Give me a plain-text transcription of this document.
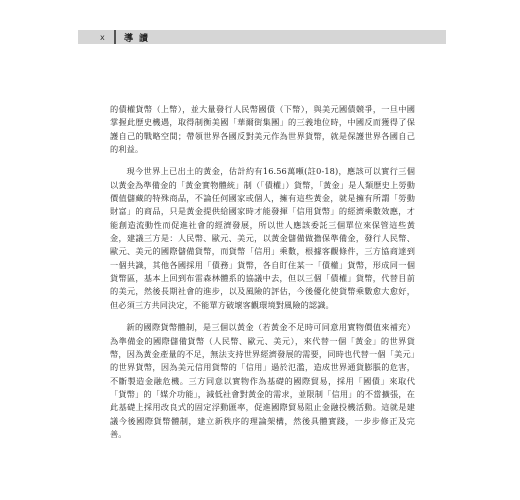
x	導讀

的債權貨幣（上幣），並大量發行人民幣國債（下幣），與美元國債競爭，一旦中國掌握此歷史機遇，取得制衡美國「華爾街集團」的三義地位時，中國反而獲得了保護自己的戰略空間；帶領世界各國反對美元作為世界貨幣，就是保護世界各國自己的利益。

現今世界上已出土的黃金，估計約有16.56萬噸(註0-18)，應該可以實行三個以黃金為準備金的「黃金實物體統」制（「債權」）貨幣，「黃金」是人類歷史上勞動價值儲藏的特殊商品，不論任何國家或個人，擁有這些黃金，就是擁有所謂「勞動財富」的商品，只是黃金提供給國家時才能發揮「信用貨幣」的經濟乘數效應，才能創造流動性而促進社會的經濟發展，所以世人應該委託三個單位來保管這些黃金，建議三方是：人民幣、歐元、美元，以黃金儲備做擔保準備金，發行人民幣、歐元、美元的國際儲備貨幣，而貨幣「信用」乘數，根據客觀條件，三方協商達到一個共識，其他各國採用「債務」貨幣，各自盯住某一「債權」貨幣，形成同一個貨幣區，基本上回到布雷森林體系的協議中去，但以三個「債權」貨幣，代替目前的美元，然後長期社會的進步，以及風險的評估，今後優化使貨幣乘數愈大愈好，但必須三方共同決定，不能單方破壞客觀環境對風險的認識。

新的國際貨幣體制，是三個以黃金（若黃金不足時可同意用實物價值來補充）為準備金的國際儲備貨幣（人民幣、歐元、美元），來代替一個「黃金」的世界貨幣，因為黃金產量的不足，無法支持世界經濟發展的需要，同時也代替一個「美元」的世界貨幣，因為美元信用貨幣的「信用」過於氾濫，造成世界通貨膨脹的危害，不斷製造金融危機。三方同意以實物作為基礎的國際貿易，採用「國債」來取代「貨幣」的「媒介功能」，減低社會對黃金的需求，並限制「信用」的不當擴張，在此基礎上採用改良式的固定浮動匯率，促進國際貿易阻止金融投機活動。這就是建議今後國際貨幣體制，建立新秩序的理論架構，然後具體實踐，一步步修正及完善。
